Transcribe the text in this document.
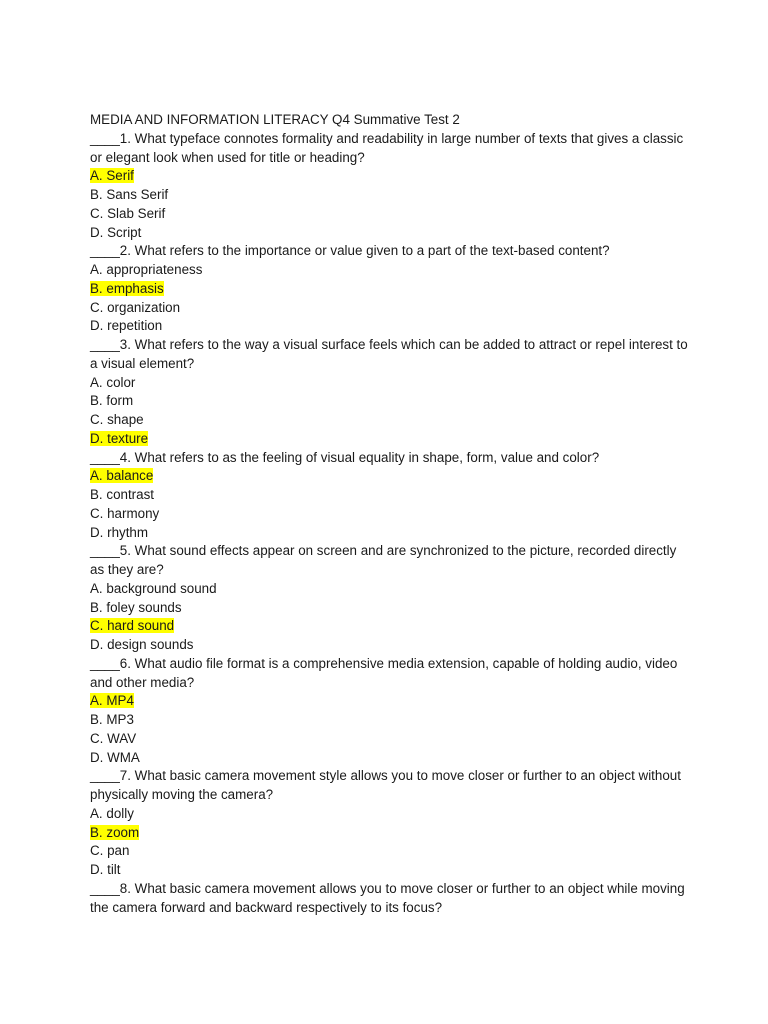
MEDIA AND INFORMATION LITERACY Q4 Summative Test 2
____1. What typeface connotes formality and readability in large number of texts that gives a classic or elegant look when used for title or heading?
A. Serif
B. Sans Serif
C. Slab Serif
D. Script
____2. What refers to the importance or value given to a part of the text-based content?
A. appropriateness
B. emphasis
C. organization
D. repetition
____3. What refers to the way a visual surface feels which can be added to attract or repel interest to a visual element?
A. color
B. form
C. shape
D. texture
____4. What refers to as the feeling of visual equality in shape, form, value and color?
A. balance
B. contrast
C. harmony
D. rhythm
____5. What sound effects appear on screen and are synchronized to the picture, recorded directly as they are?
A. background sound
B. foley sounds
C. hard sound
D. design sounds
____6. What audio file format is a comprehensive media extension, capable of holding audio, video and other media?
A. MP4
B. MP3
C. WAV
D. WMA
____7. What basic camera movement style allows you to move closer or further to an object without physically moving the camera?
A. dolly
B. zoom
C. pan
D. tilt
____8. What basic camera movement allows you to move closer or further to an object while moving the camera forward and backward respectively to its focus?
